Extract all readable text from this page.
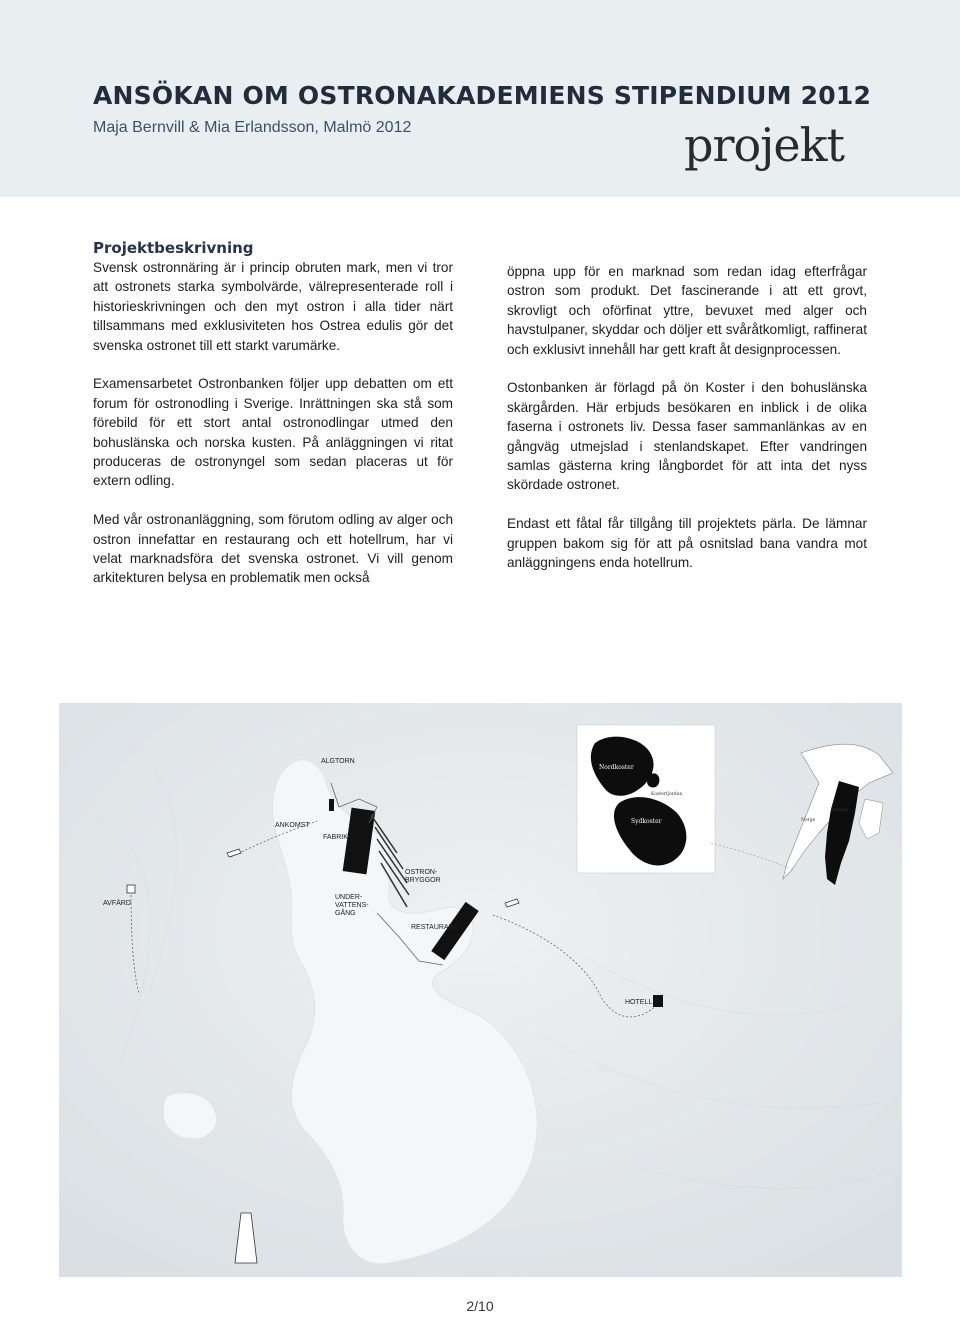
ANSÖKAN OM OSTRONAKADEMIENS STIPENDIUM 2012
Maja Bernvill & Mia Erlandsson, Malmö 2012	projekt
Projektbeskrivning

Svensk ostronnäring är i princip obruten mark, men vi tror att ostronets starka symbolvärde, välrepresenterade roll i historieskrivningen och den myt ostron i alla tider närt tillsammans med exklusiviteten hos Ostrea edulis gör det svenska ostronet till ett starkt varumärke.

Examensarbetet Ostronbanken följer upp debatten om ett forum för ostronodling i Sverige. Inrättningen ska stå som förebild för ett stort antal ostronodlingar utmed den bohuslänska och norska kusten. På anläggningen vi ritat produceras de ostronyngel som sedan placeras ut för extern odling.

Med vår ostronanläggning, som förutom odling av alger och ostron innefattar en restaurang och ett hotellrum, har vi velat marknadsföra det svenska ostronet. Vi vill genom arkitekturen belysa en problematik men också

öppna upp för en marknad som redan idag efterfrågar ostron som produkt. Det fascinerande i att ett grovt, skrovligt och oförfinat yttre, bevuxet med alger och havstulpaner, skyddar och döljer ett svåråtkomligt, raffinerat och exklusivt innehåll har gett kraft åt designprocessen.

Ostonbanken är förlagd på ön Koster i den bohuslänska skärgården. Här erbjuds besökaren en inblick i de olika faserna i ostronets liv. Dessa faser sammanlänkas av en gångväg utmejslad i stenlandskapet. Efter vandringen samlas gästerna kring långbordet för att inta det nyss skördade ostronet.

Endast ett fåtal får tillgång till projektets pärla. De lämnar gruppen bakom sig för att på osnitslad bana vandra mot anläggningens enda hotellrum.

ALGTORN
ANKOMST
FABRIK
OSTRON-
BRYGGOR
AVFÄRD
UNDER-
VATTENS-
GÅNG
RESTAURANG
HOTELL
Nordkoster
Sydkoster
Kosterfjorden
Norge
Sverige
2/10
